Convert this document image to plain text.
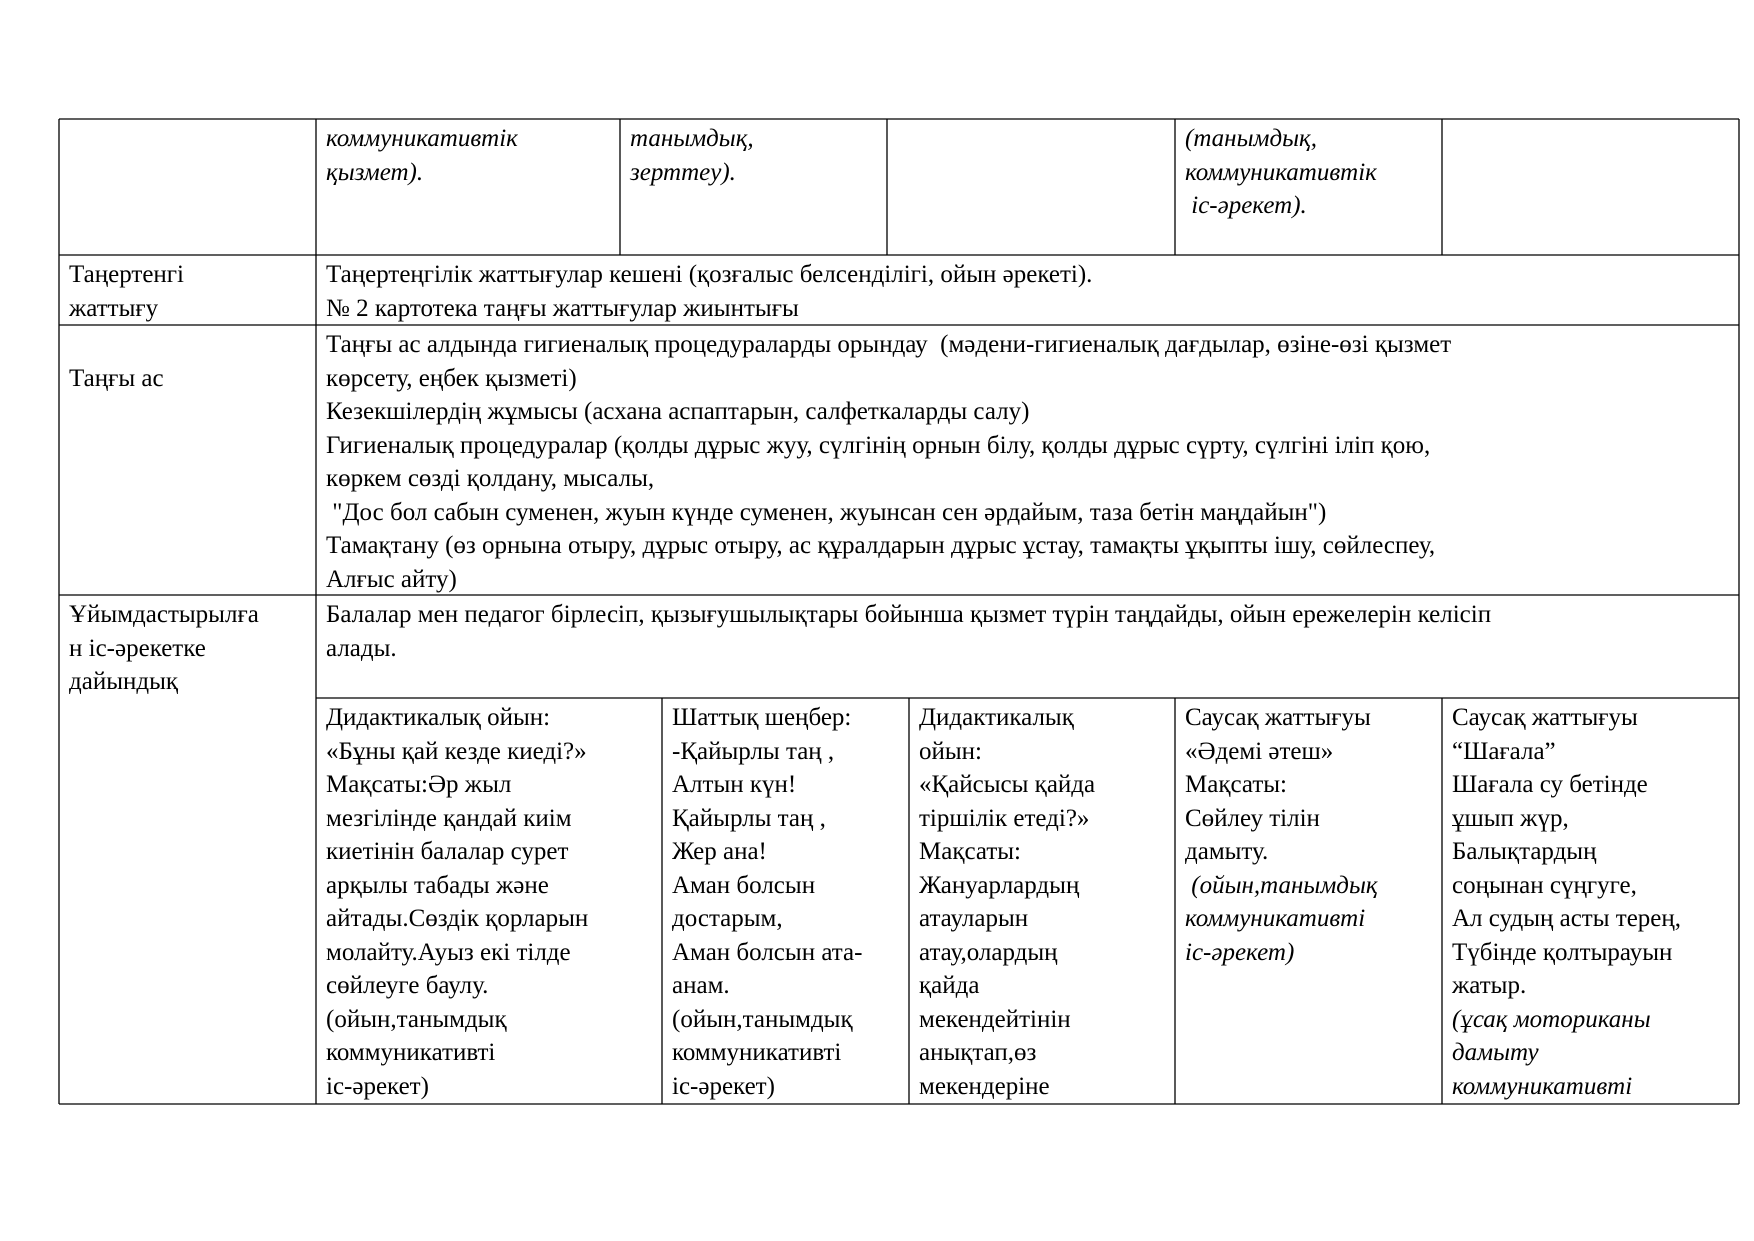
коммуникативтік
қызмет).
танымдық,
зерттеу).
(танымдық,
коммуникативтік
іс-әрекет).
Таңертенгі
жаттығу
Таңертеңгілік жаттығулар кешені (қозғалыс белсенділігі, ойын әрекеті).
№ 2 картотека таңғы жаттығулар жиынтығы
Таңғы ас
Таңғы ас алдында гигиеналық процедураларды орындау  (мәдени-гигиеналық дағдылар, өзіне-өзі қызмет
көрсету, еңбек қызметі)
Кезекшілердің жұмысы (асхана аспаптарын, салфеткаларды салу)
Гигиеналық процедуралар (қолды дұрыс жуу, сүлгінің орнын білу, қолды дұрыс сүрту, сүлгіні іліп қою,
көркем сөзді қолдану, мысалы,
"Дос бол сабын суменен, жуын күнде суменен, жуынсан сен әрдайым, таза бетін маңдайын")
Тамақтану (өз орнына отыру, дұрыс отыру, ас құралдарын дұрыс ұстау, тамақты ұқыпты ішу, сөйлеспеу,
Алғыс айту)
Ұйымдастырылға
н іс-әрекетке
дайындық
Балалар мен педагог бірлесіп, қызығушылықтары бойынша қызмет түрін таңдайды, ойын ережелерін келісіп
алады.
Дидактикалық ойын:
«Бұны қай кезде киеді?»
Мақсаты:Әр жыл
мезгілінде қандай киім
киетінін балалар сурет
арқылы табады және
айтады.Сөздік қорларын
молайту.Ауыз екі тілде
сөйлеуге баулу.
(ойын,танымдық
коммуникативті
іс-әрекет)
Шаттық шеңбер:
-Қайырлы таң ,
Алтын күн!
Қайырлы таң ,
Жер ана!
Аман болсын
достарым,
Аман болсын ата-
анам.
(ойын,танымдық
коммуникативті
іс-әрекет)
Дидактикалық
ойын:
«Қайсысы қайда
тіршілік етеді?»
Мақсаты:
Жануарлардың
атауларын
атау,олардың
қайда
мекендейтінін
анықтап,өз
мекендеріне
Саусақ жаттығуы
«Әдемі әтеш»
Мақсаты:
Сөйлеу тілін
дамыту.
(ойын,танымдық
коммуникативті
іс-әрекет)
Саусақ жаттығуы
“Шағала”
Шағала су бетінде
ұшып жүр,
Балықтардың
соңынан сүңгуге,
Ал судың асты терең,
Түбінде қолтырауын
жатыр.
(ұсақ моториканы
дамыту
коммуникативті
